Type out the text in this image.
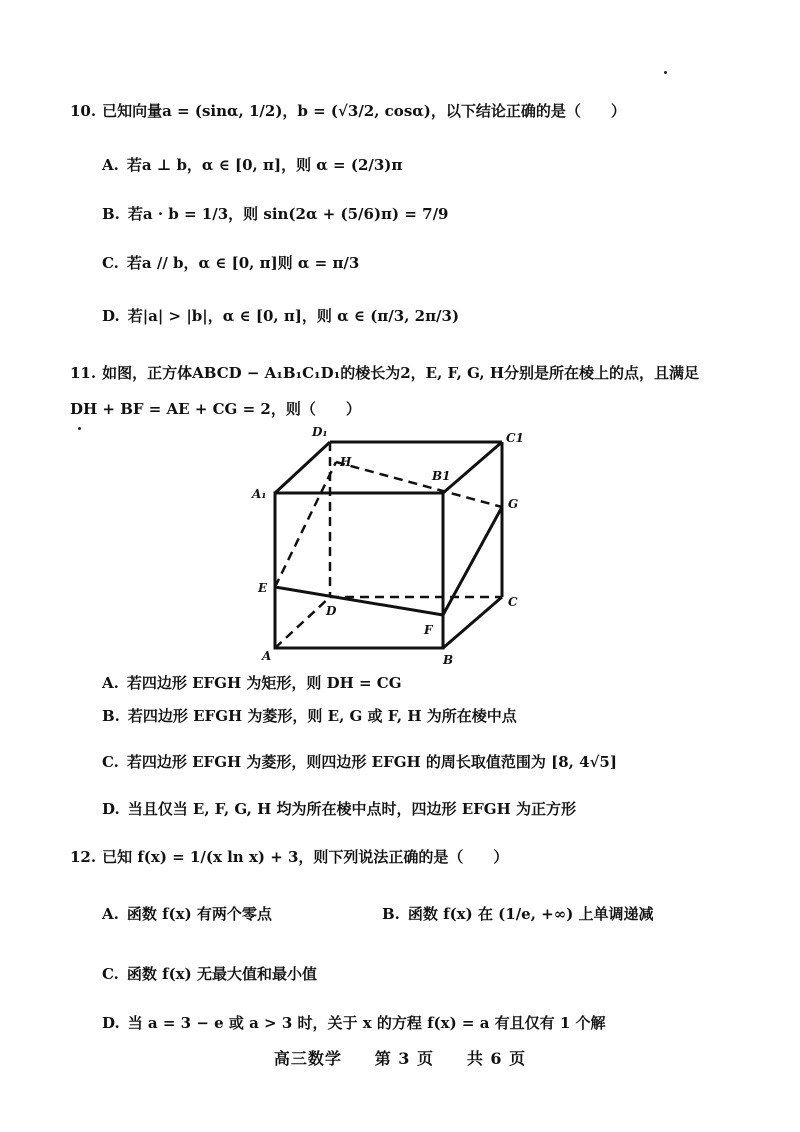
10. 已知向量a = (sinα, 1/2)，b = (√3/2, cosα)，以下结论正确的是（　　）
A. 若a ⊥ b，α ∈ [0, π]，则 α = (2/3)π
B. 若a · b = 1/3，则 sin(2α + (5/6)π) = 7/9
C. 若a // b，α ∈ [0, π]则 α = π/3
D. 若|a| > |b|，α ∈ [0, π]，则 α ∈ (π/3, 2π/3)
11. 如图，正方体ABCD − A₁B₁C₁D₁的棱长为2，E, F, G, H分别是所在棱上的点，且满足
DH + BF = AE + CG = 2，则（　　）
D₁	C1
H
B1
A₁
G
E
D
C
F
A	B
A. 若四边形 EFGH 为矩形，则 DH = CG
B. 若四边形 EFGH 为菱形，则 E, G 或 F, H 为所在棱中点
C. 若四边形 EFGH 为菱形，则四边形 EFGH 的周长取值范围为 [8, 4√5]
D. 当且仅当 E, F, G, H 均为所在棱中点时，四边形 EFGH 为正方形
12. 已知 f(x) = 1/(x ln x) + 3，则下列说法正确的是（　　）
A. 函数 f(x) 有两个零点	B. 函数 f(x) 在 (1/e, +∞) 上单调递减
C. 函数 f(x) 无最大值和最小值
D. 当 a = 3 − e 或 a > 3 时，关于 x 的方程 f(x) = a 有且仅有 1 个解
高三数学 第 3 页 共 6 页
